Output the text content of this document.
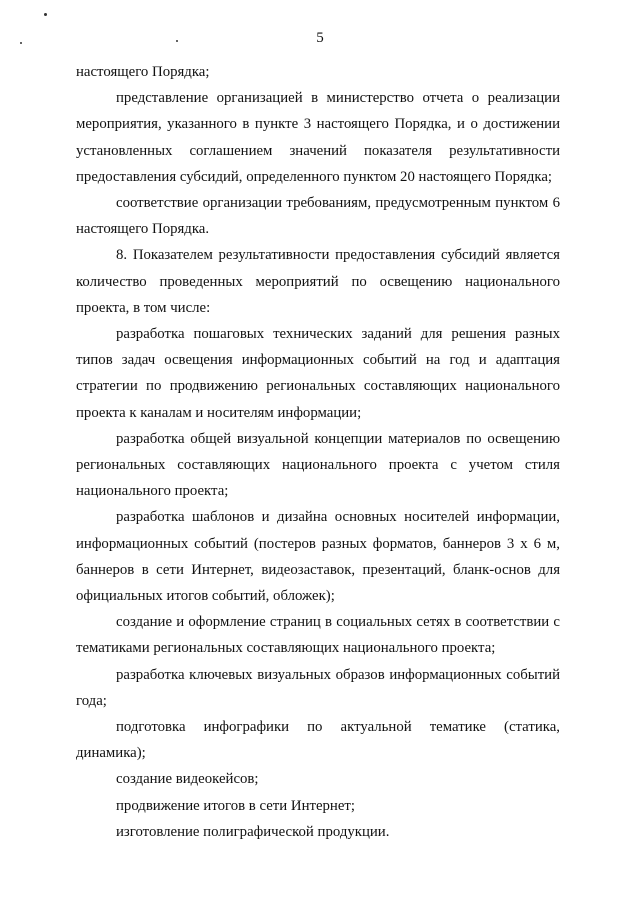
5

настоящего Порядка;

представление организацией в министерство отчета о реализации мероприятия, указанного в пункте 3 настоящего Порядка, и о достижении установленных соглашением значений показателя результативности предоставления субсидий, определенного пунктом 20 настоящего Порядка;

соответствие организации требованиям, предусмотренным пунктом 6 настоящего Порядка.

8. Показателем результативности предоставления субсидий является количество проведенных мероприятий по освещению национального проекта, в том числе:

разработка пошаговых технических заданий для решения разных типов задач освещения информационных событий на год и адаптация стратегии по продвижению региональных составляющих национального проекта к каналам и носителям информации;

разработка общей визуальной концепции материалов по освещению региональных составляющих национального проекта с учетом стиля национального проекта;

разработка шаблонов и дизайна основных носителей информации, информационных событий (постеров разных форматов, баннеров 3 х 6 м, баннеров в сети Интернет, видеозаставок, презентаций, бланк-основ для официальных итогов событий, обложек);

создание и оформление страниц в социальных сетях в соответствии с тематиками региональных составляющих национального проекта;

разработка ключевых визуальных образов информационных событий года;

подготовка инфографики по актуальной тематике (статика, динамика);

создание видеокейсов;

продвижение итогов в сети Интернет;

изготовление полиграфической продукции.
